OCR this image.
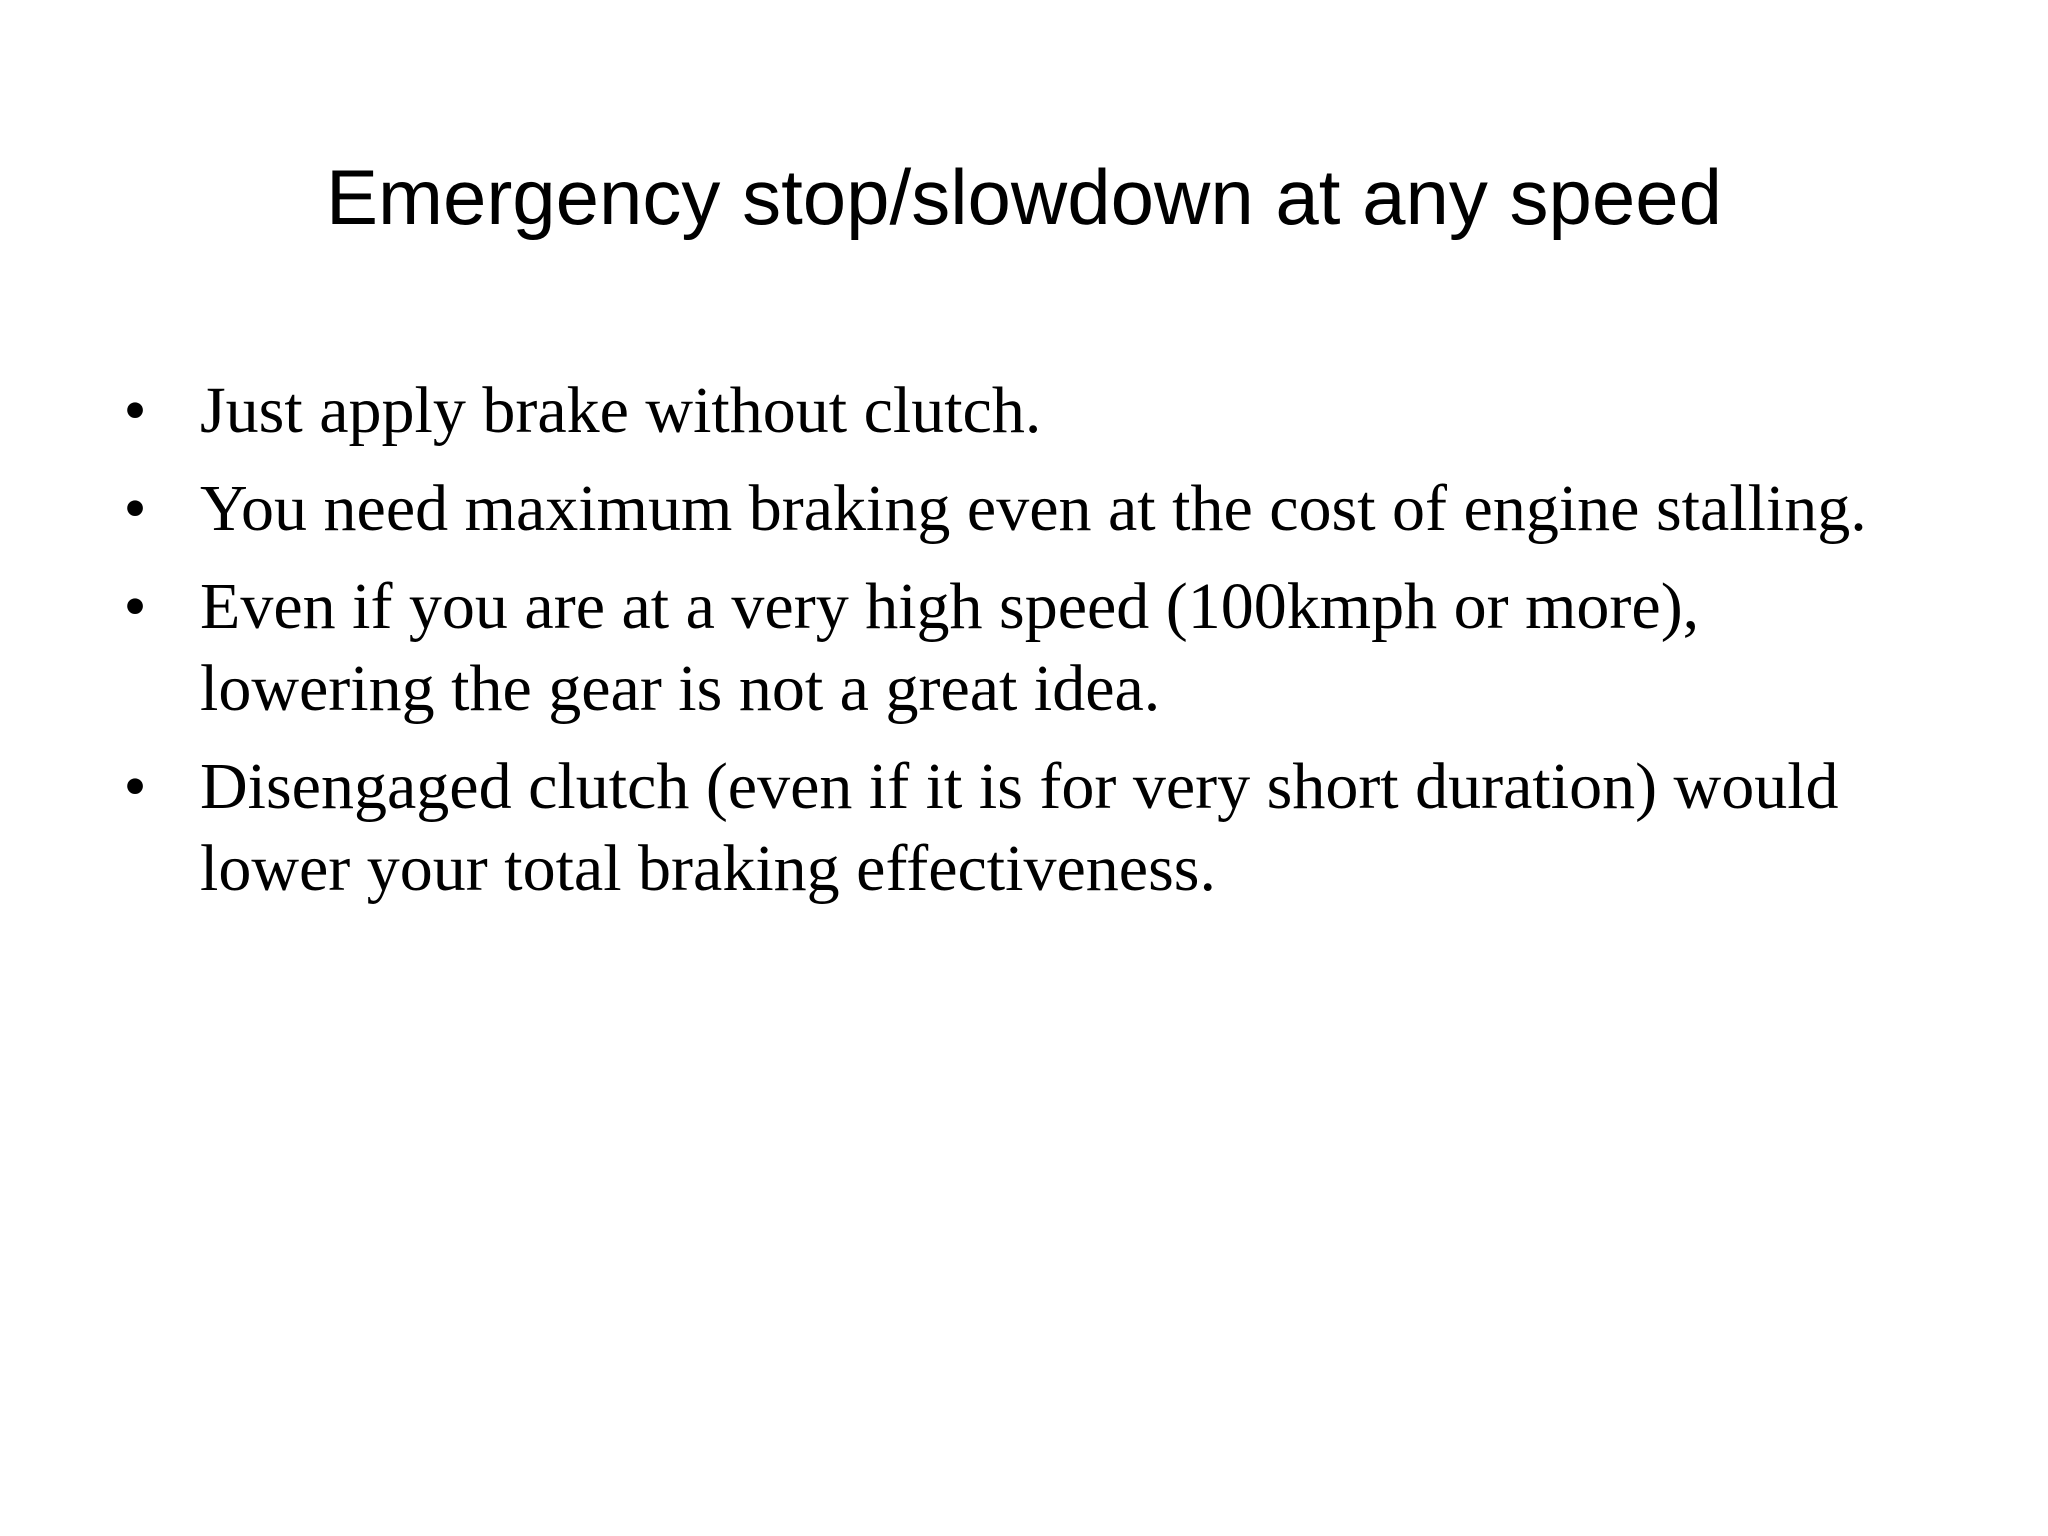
Emergency stop/slowdown at any speed
• Just apply brake without clutch.
• You need maximum braking even at the cost of engine stalling.
• Even if you are at a very high speed (100kmph or more), lowering the gear is not a great idea.
• Disengaged clutch (even if it is for very short duration) would lower your total braking effectiveness.
